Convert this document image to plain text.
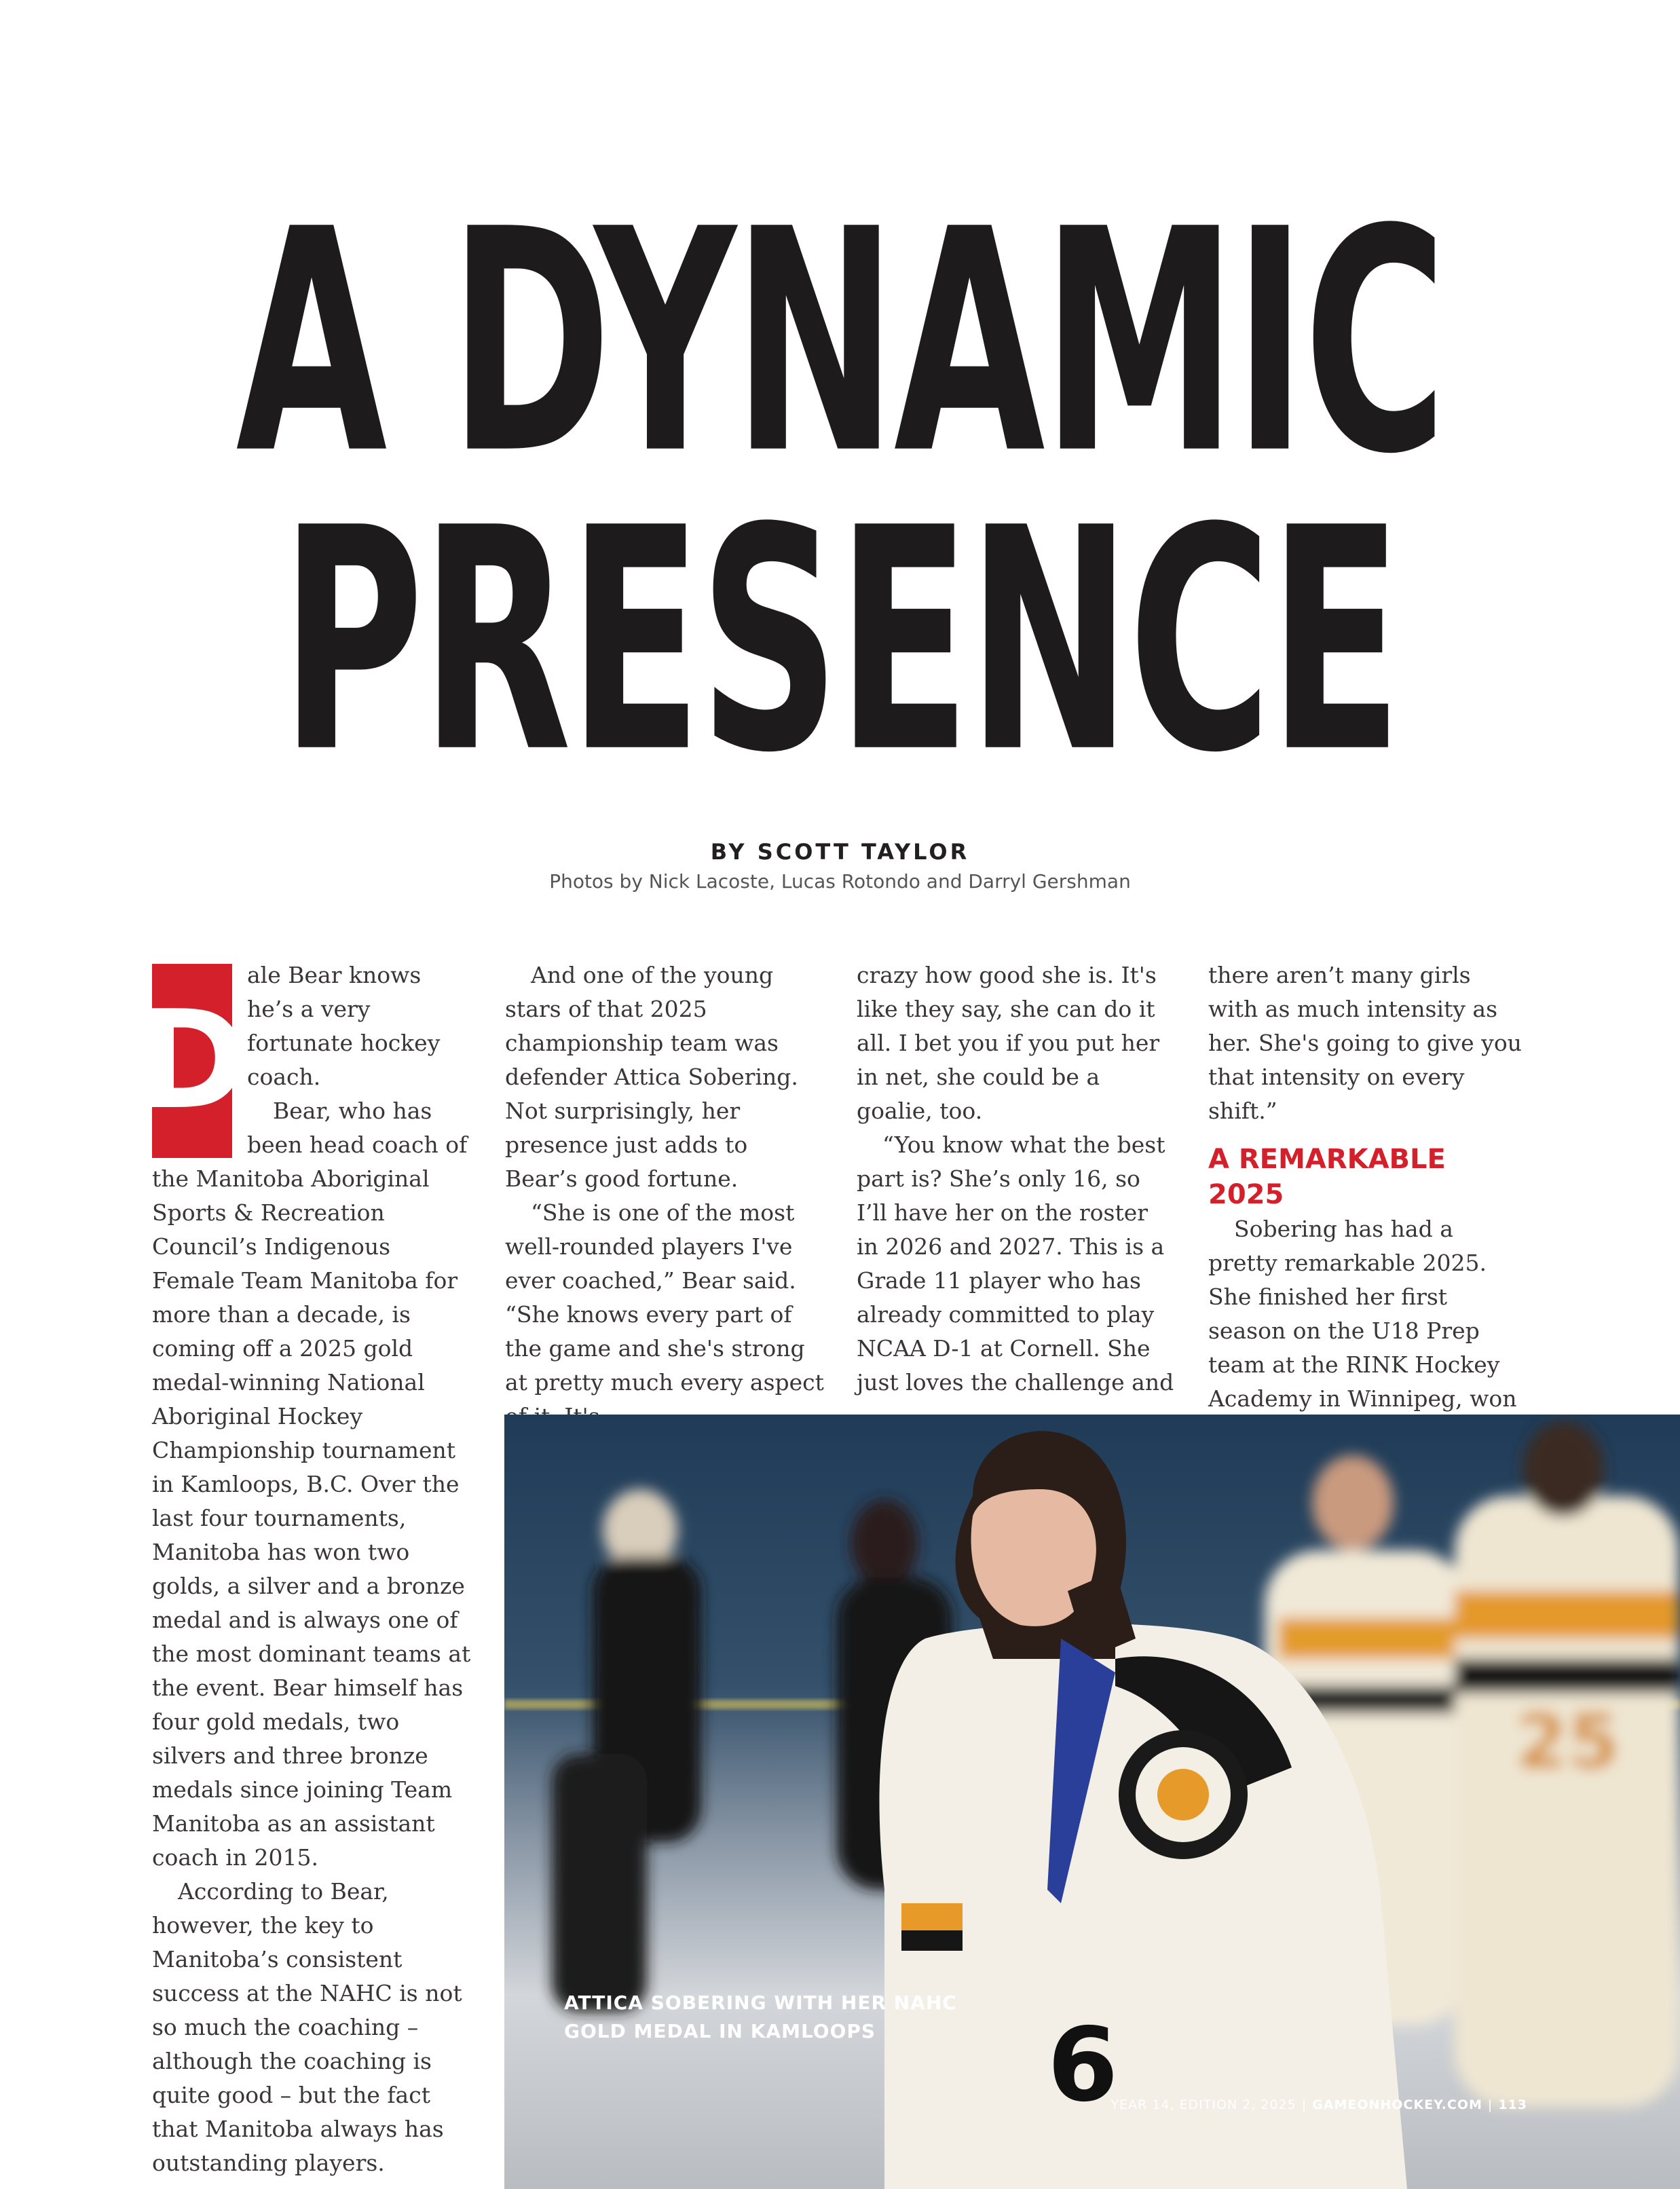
A DYNAMIC
PRESENCE
BY SCOTT TAYLOR
Photos by Nick Lacoste, Lucas Rotondo and Darryl Gershman
D

ale Bear knows he’s a very fortunate hockey coach.

Bear, who has been head coach of the Manitoba Aboriginal Sports & Recreation Council’s Indigenous Female Team Manitoba for more than a decade, is coming off a 2025 gold medal-winning National Aboriginal Hockey Championship tournament in Kamloops, B.C. Over the last four tournaments, Manitoba has won two golds, a silver and a bronze medal and is always one of the most dominant teams at the event. Bear himself has four gold medals, two silvers and three bronze medals since joining Team Manitoba as an assistant coach in 2015.

According to Bear, however, the key to Manitoba’s consistent success at the NAHC is not so much the coaching – although the coaching is quite good – but the fact that Manitoba always has outstanding players.

And one of the young stars of that 2025 championship team was defender Attica Sobering. Not surprisingly, her presence just adds to Bear’s good fortune.

“She is one of the most well-rounded players I've ever coached,” Bear said. “She knows every part of the game and she's strong at pretty much every aspect

crazy how good she is. It's like they say, she can do it all. I bet you if you put her in net, she could be a goalie, too.

“You know what the best part is? She’s only 16, so I’ll have her on the roster in 2026 and 2027. This is a Grade 11 player who has already committed to play NCAA D-1 at Cornell. She just loves the challenge and

there aren’t many girls with as much intensity as her. She's going to give you that intensity on every shift.”

A REMARKABLE 2025

Sobering has had a pretty remarkable 2025. She finished her first season on the U18 Prep team at the RINK Hockey Academy in Winnipeg, won

25
6
ATTICA SOBERING WITH HER NAHC
GOLD MEDAL IN KAMLOOPS
YEAR 14, EDITION 2, 2025 | GAMEONHOCKEY.COM | 113
